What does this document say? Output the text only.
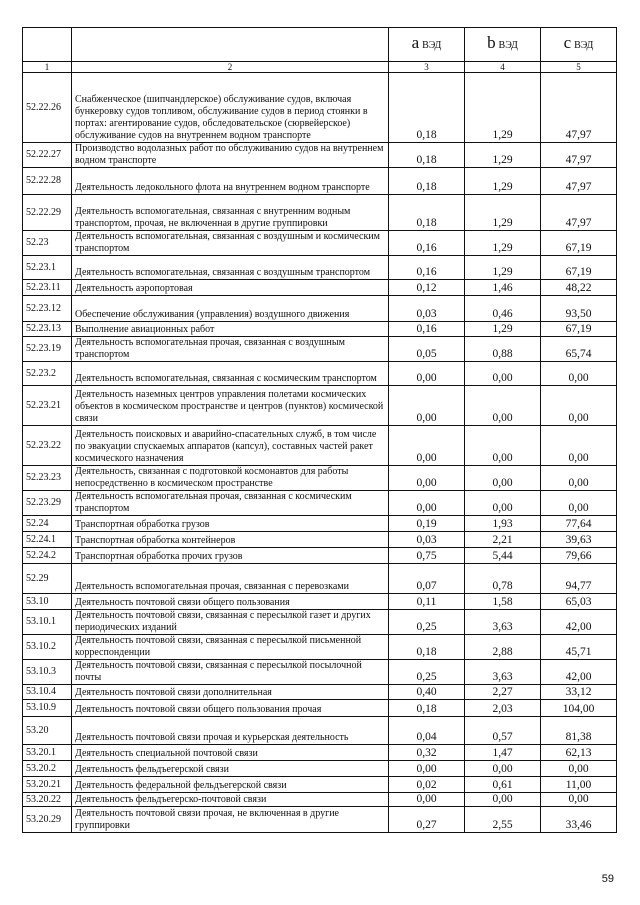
		a ВЭД	b ВЭД	c ВЭД
1	2	3	4	5
52.22.26	Снабженческое (шипчандлерское) обслуживание судов, включая бункеровку судов топливом, обслуживание судов в период стоянки в портах: агентирование судов, обследовательское (сюрвейерское) обслуживание судов на внутреннем водном транспорте	0,18	1,29	47,97
52.22.27	Производство водолазных работ по обслуживанию судов на внутреннем водном транспорте	0,18	1,29	47,97
52.22.28	Деятельность ледокольного флота на внутреннем водном транспорте	0,18	1,29	47,97
52.22.29	Деятельность вспомогательная, связанная с внутренним водным транспортом, прочая, не включенная в другие группировки	0,18	1,29	47,97
52.23	Деятельность вспомогательная, связанная с воздушным и космическим транспортом	0,16	1,29	67,19
52.23.1	Деятельность вспомогательная, связанная с воздушным транспортом	0,16	1,29	67,19
52.23.11	Деятельность аэропортовая	0,12	1,46	48,22
52.23.12	Обеспечение обслуживания (управления) воздушного движения	0,03	0,46	93,50
52.23.13	Выполнение авиационных работ	0,16	1,29	67,19
52.23.19	Деятельность вспомогательная прочая, связанная с воздушным транспортом	0,05	0,88	65,74
52.23.2	Деятельность вспомогательная, связанная с космическим транспортом	0,00	0,00	0,00
52.23.21	Деятельность наземных центров управления полетами космических объектов в космическом пространстве и центров (пунктов) космической связи	0,00	0,00	0,00
52.23.22	Деятельность поисковых и аварийно-спасательных служб, в том числе по эвакуации спускаемых аппаратов (капсул), составных частей ракет космического назначения	0,00	0,00	0,00
52.23.23	Деятельность, связанная с подготовкой космонавтов для работы непосредственно в космическом пространстве	0,00	0,00	0,00
52.23.29	Деятельность вспомогательная прочая, связанная с космическим транспортом	0,00	0,00	0,00
52.24	Транспортная обработка грузов	0,19	1,93	77,64
52.24.1	Транспортная обработка контейнеров	0,03	2,21	39,63
52.24.2	Транспортная обработка прочих грузов	0,75	5,44	79,66
52.29	Деятельность вспомогательная прочая, связанная с перевозками	0,07	0,78	94,77
53.10	Деятельность почтовой связи общего пользования	0,11	1,58	65,03
53.10.1	Деятельность почтовой связи, связанная с пересылкой газет и других периодических изданий	0,25	3,63	42,00
53.10.2	Деятельность почтовой связи, связанная с пересылкой письменной корреспонденции	0,18	2,88	45,71
53.10.3	Деятельность почтовой связи, связанная с пересылкой посылочной почты	0,25	3,63	42,00
53.10.4	Деятельность почтовой связи дополнительная	0,40	2,27	33,12
53.10.9	Деятельность почтовой связи общего пользования прочая	0,18	2,03	104,00
53.20	Деятельность почтовой связи прочая и курьерская деятельность	0,04	0,57	81,38
53.20.1	Деятельность специальной почтовой связи	0,32	1,47	62,13
53.20.2	Деятельность фельдъегерской связи	0,00	0,00	0,00
53.20.21	Деятельность федеральной фельдъегерской связи	0,02	0,61	11,00
53.20.22	Деятельность фельдъегерско-почтовой связи	0,00	0,00	0,00
53.20.29	Деятельность почтовой связи прочая, не включенная в другие группировки	0,27	2,55	33,46
59
